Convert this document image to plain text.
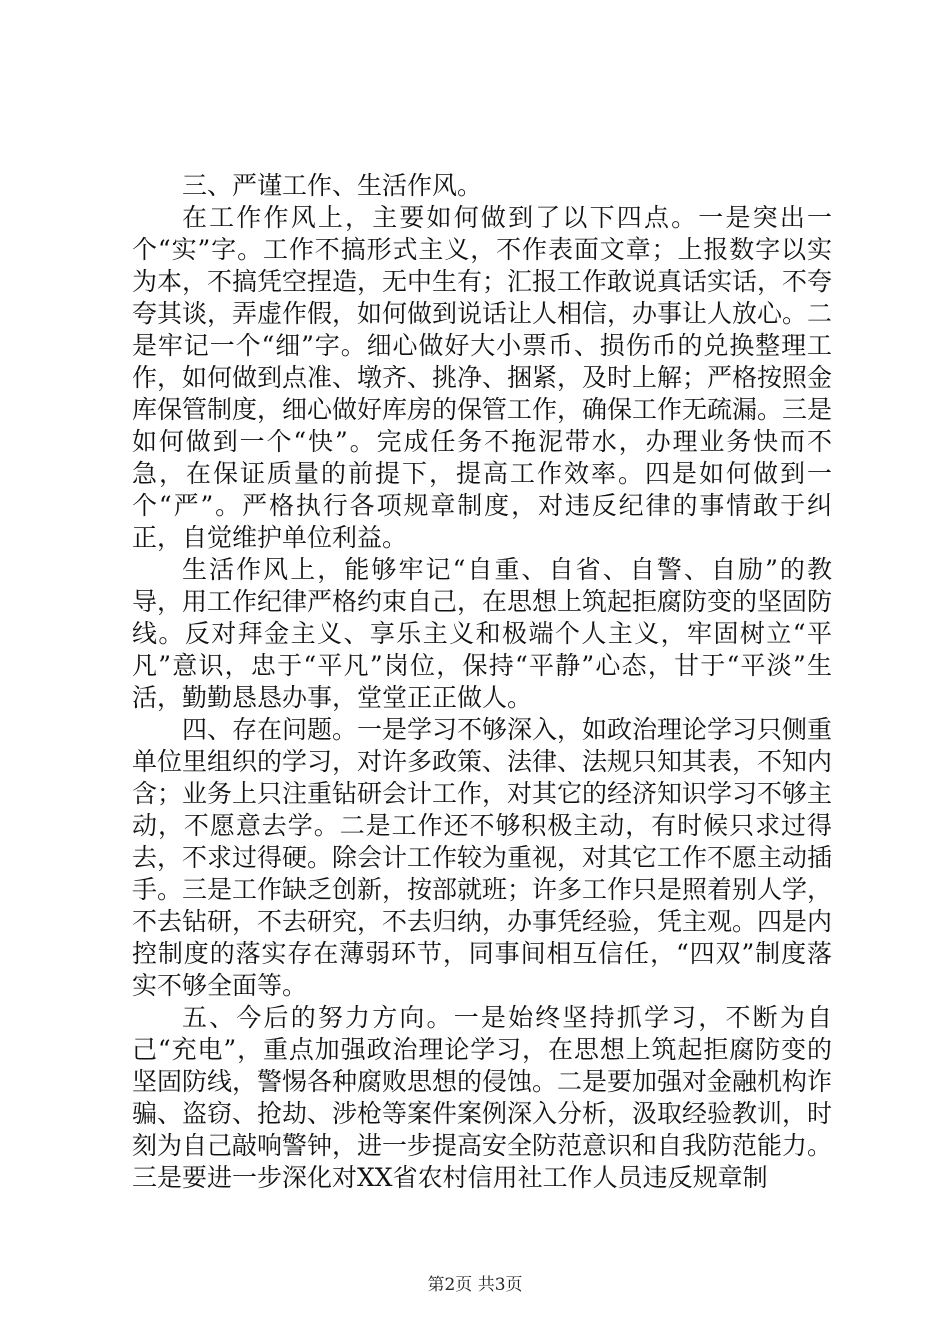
三、严谨工作、生活作风。

在工作作风上，主要如何做到了以下四点。一是突出一个“实”字。工作不搞形式主义，不作表面文章；上报数字以实为本，不搞凭空捏造，无中生有；汇报工作敢说真话实话，不夸夸其谈，弄虚作假，如何做到说话让人相信，办事让人放心。二是牢记一个“细”字。细心做好大小票币、损伤币的兑换整理工作，如何做到点准、墩齐、挑净、捆紧，及时上解；严格按照金库保管制度，细心做好库房的保管工作，确保工作无疏漏。三是如何做到一个“快”。完成任务不拖泥带水，办理业务快而不急，在保证质量的前提下，提高工作效率。四是如何做到一个“严”。严格执行各项规章制度，对违反纪律的事情敢于纠正，自觉维护单位利益。

生活作风上，能够牢记“自重、自省、自警、自励”的教导，用工作纪律严格约束自己，在思想上筑起拒腐防变的坚固防线。反对拜金主义、享乐主义和极端个人主义，牢固树立“平凡”意识，忠于“平凡”岗位，保持“平静”心态，甘于“平淡”生活，勤勤恳恳办事，堂堂正正做人。

四、存在问题。一是学习不够深入，如政治理论学习只侧重单位里组织的学习，对许多政策、法律、法规只知其表，不知内含；业务上只注重钻研会计工作，对其它的经济知识学习不够主动，不愿意去学。二是工作还不够积极主动，有时候只求过得去，不求过得硬。除会计工作较为重视，对其它工作不愿主动插手。三是工作缺乏创新，按部就班；许多工作只是照着别人学，不去钻研，不去研究，不去归纳，办事凭经验，凭主观。四是内控制度的落实存在薄弱环节，同事间相互信任，“四双”制度落实不够全面等。

五、今后的努力方向。一是始终坚持抓学习，不断为自己“充电”，重点加强政治理论学习，在思想上筑起拒腐防变的坚固防线，警惕各种腐败思想的侵蚀。二是要加强对金融机构诈骗、盗窃、抢劫、涉枪等案件案例深入分析，汲取经验教训，时刻为自己敲响警钟，进一步提高安全防范意识和自我防范能力。三是要进一步深化对XX省农村信用社工作人员违反规章制

第2页 共3页
